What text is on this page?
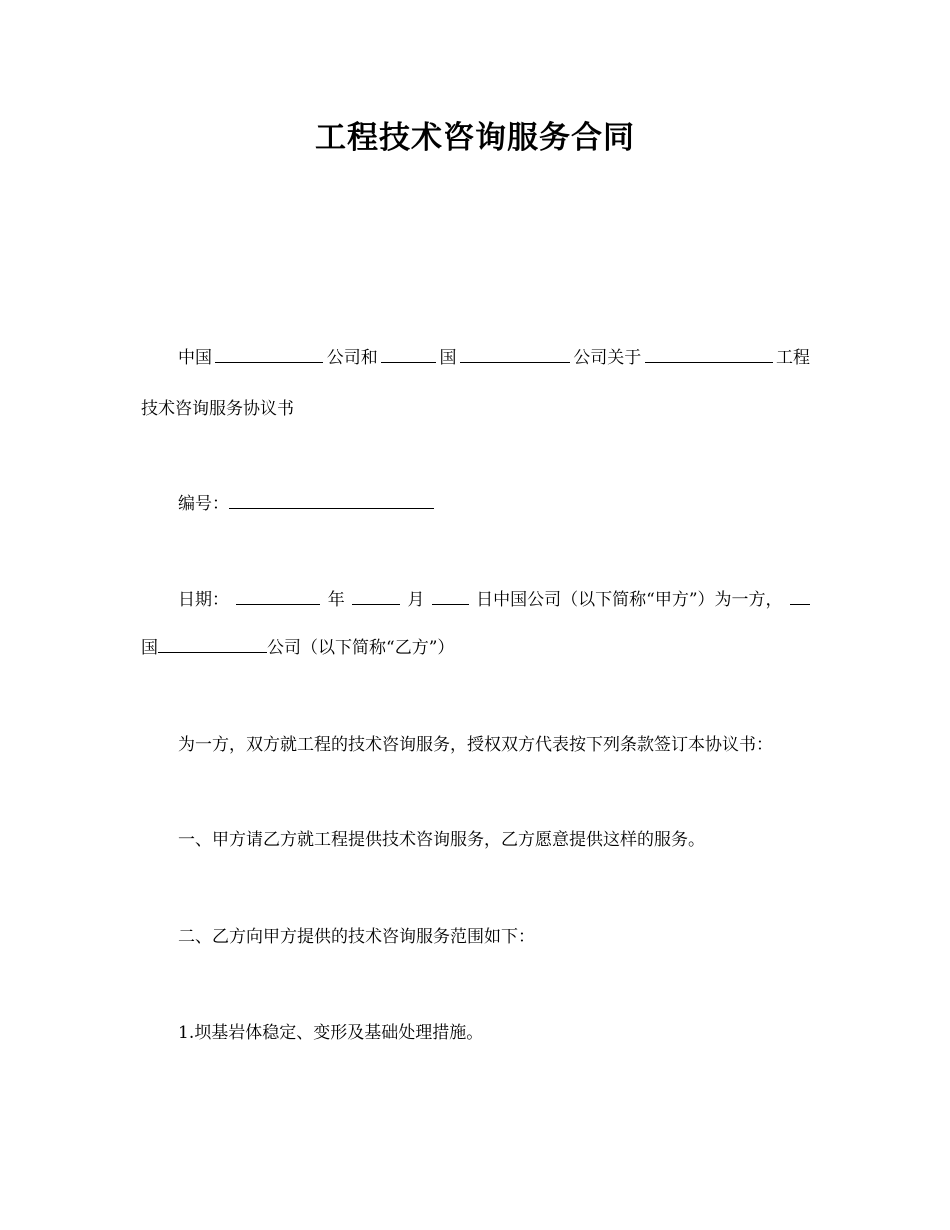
工程技术咨询服务合同
中国	公司和	国	公司关于	工程
技术咨询服务协议书
编号：
日期：	年	月	日中国公司（以下简称“甲方”）为一方，
国	公司（以下简称“乙方”）
为一方，双方就工程的技术咨询服务，授权双方代表按下列条款签订本协议书：
一、甲方请乙方就工程提供技术咨询服务，乙方愿意提供这样的服务。
二、乙方向甲方提供的技术咨询服务范围如下：
1.坝基岩体稳定、变形及基础处理措施。
